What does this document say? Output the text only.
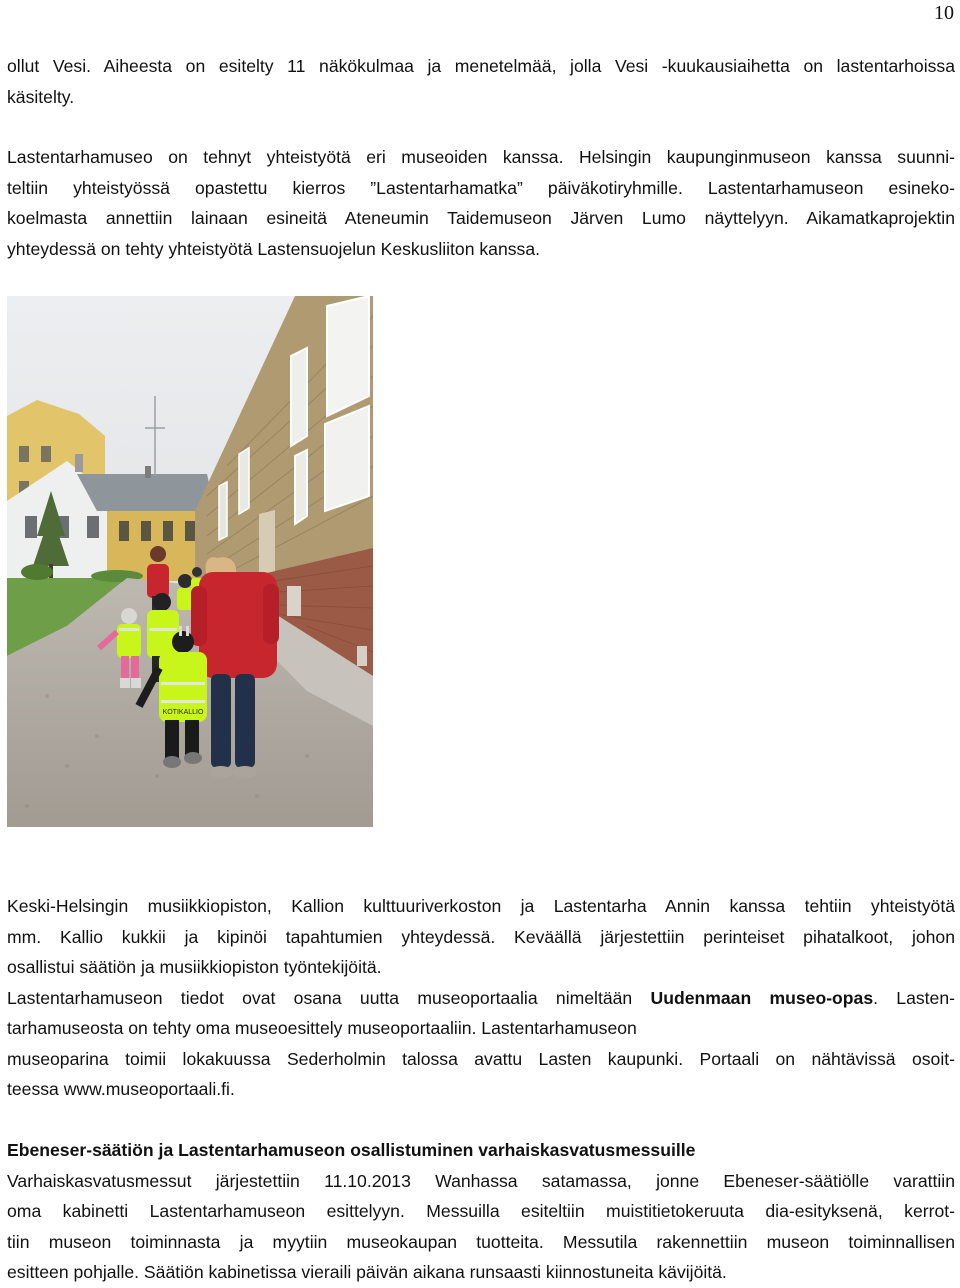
10
ollut Vesi. Aiheesta on esitelty 11 näkökulmaa ja menetelmää, jolla Vesi -kuukausiaihetta on lastentarhoissa
käsitelty.
Lastentarhamuseo on tehnyt yhteistyötä eri museoiden kanssa. Helsingin kaupunginmuseon kanssa suunni-
teltiin yhteistyössä opastettu kierros ”Lastentarhamatka” päiväkotiryhmille. Lastentarhamuseon esineko-
koelmasta annettiin lainaan esineitä Ateneumin Taidemuseon Järven Lumo näyttelyyn. Aikamatkaprojektin
yhteydessä on tehty yhteistyötä Lastensuojelun Keskusliiton kanssa.
KOTIKALLIO
Keski-Helsingin musiikkiopiston, Kallion kulttuuriverkoston ja Lastentarha Annin kanssa tehtiin yhteistyötä
mm. Kallio kukkii ja kipinöi tapahtumien yhteydessä. Keväällä järjestettiin perinteiset pihatalkoot, johon
osallistui säätiön ja musiikkiopiston työntekijöitä.
Lastentarhamuseon tiedot ovat osana uutta museoportaalia nimeltään Uudenmaan museo-opas. Lasten-
tarhamuseosta on tehty oma museoesittely museoportaaliin. Lastentarhamuseon
museoparina toimii lokakuussa Sederholmin talossa avattu Lasten kaupunki. Portaali on nähtävissä osoit-
teessa www.museoportaali.fi.
Ebeneser-säätiön ja Lastentarhamuseon osallistuminen varhaiskasvatusmessuille
Varhaiskasvatusmessut järjestettiin 11.10.2013 Wanhassa satamassa, jonne Ebeneser-säätiölle varattiin
oma kabinetti Lastentarhamuseon esittelyyn. Messuilla esiteltiin muistitietokeruuta dia-esityksenä, kerrot-
tiin museon toiminnasta ja myytiin museokaupan tuotteita. Messutila rakennettiin museon toiminnallisen
esitteen pohjalle. Säätiön kabinetissa vieraili päivän aikana runsaasti kiinnostuneita kävijöitä.
